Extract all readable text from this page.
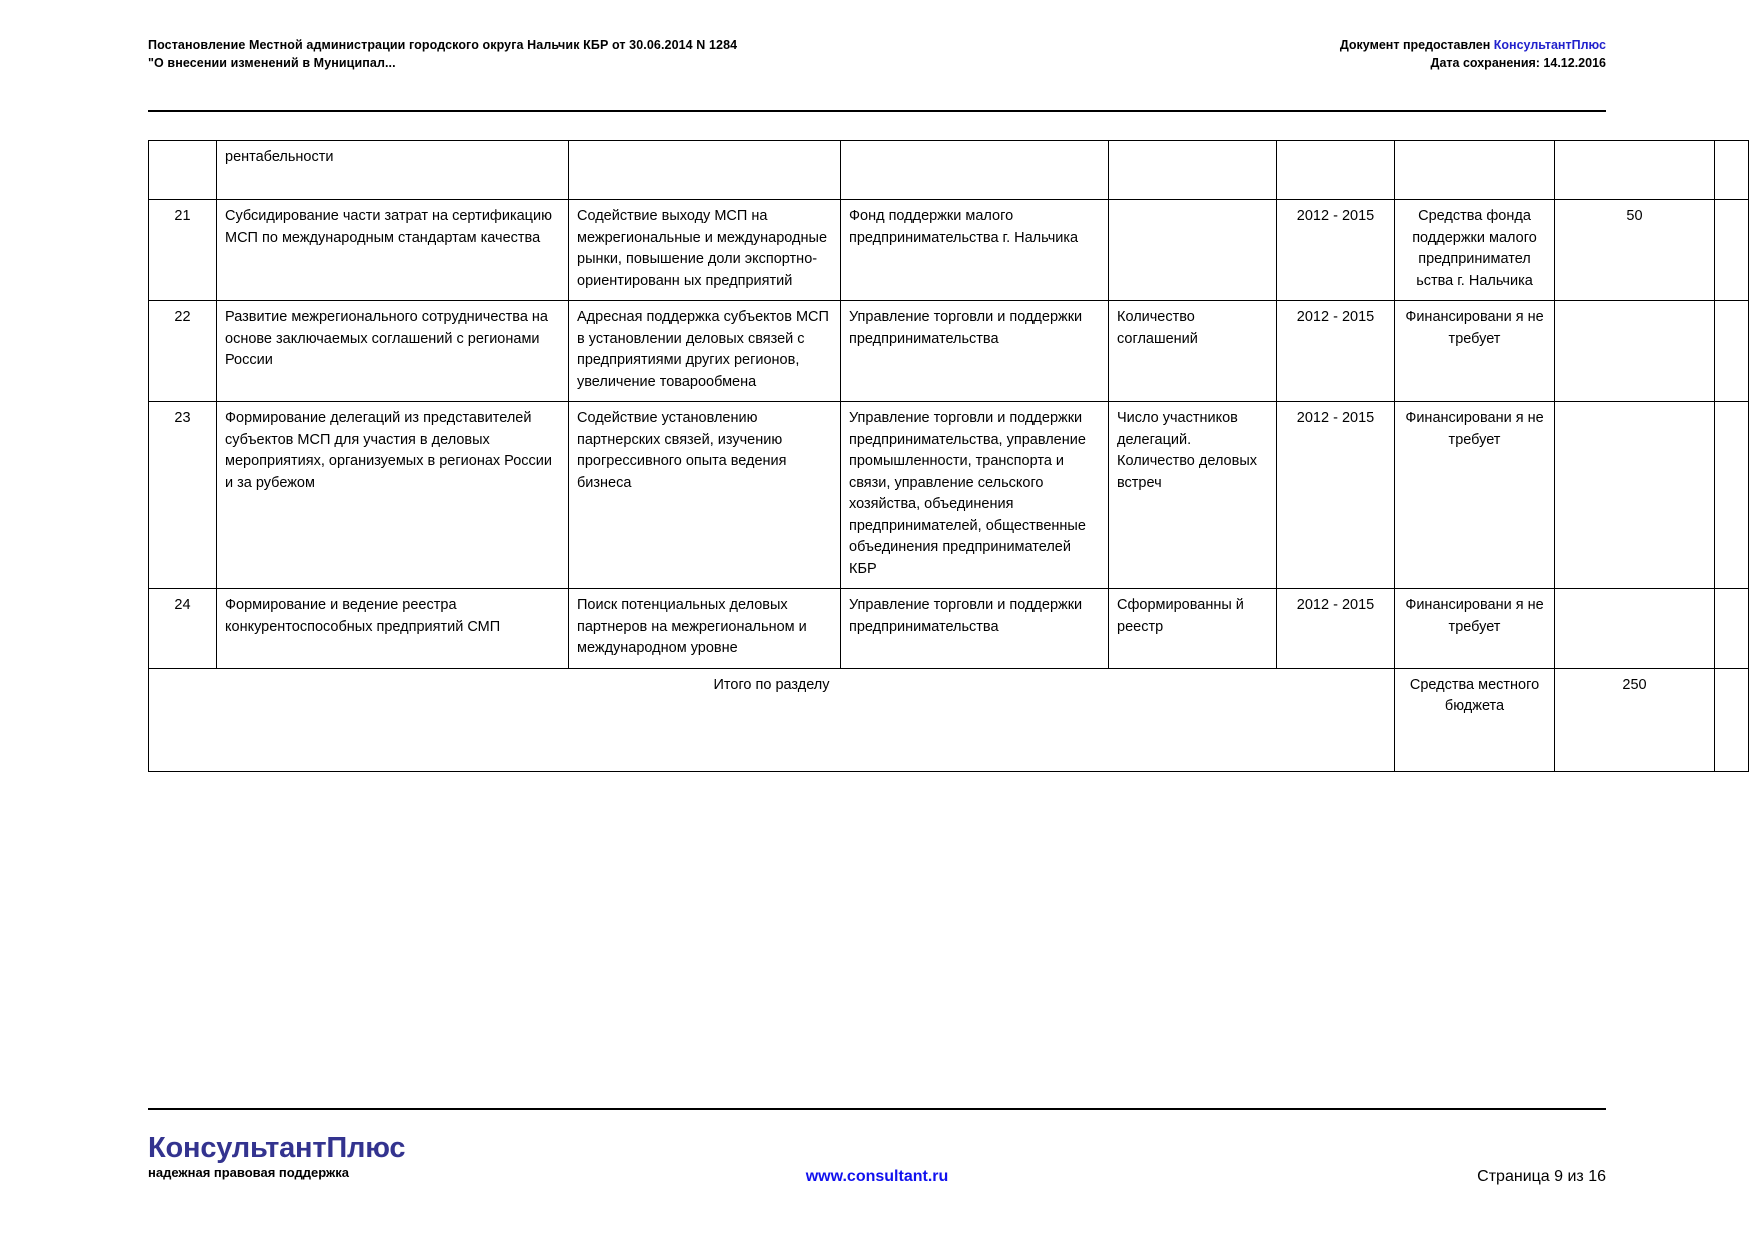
Постановление Местной администрации городского округа Нальчик КБР от 30.06.2014 N 1284
"О внесении изменений в Муниципал...
Документ предоставлен КонсультантПлюс
Дата сохранения: 14.12.2016
	рентабельности							
21	Субсидирование части затрат на сертификацию МСП по международным стандартам качества	Содействие выходу МСП на межрегиональные и международные рынки, повышение доли экспортно-ориентированн ых предприятий	Фонд поддержки малого предпринимательства г. Нальчика		2012 - 2015	Средства фонда поддержки малого предпринимател ьства г. Нальчика	50	
22	Развитие межрегионального сотрудничества на основе заключаемых соглашений с регионами России	Адресная поддержка субъектов МСП в установлении деловых связей с предприятиями других регионов, увеличение товарообмена	Управление торговли и поддержки предпринимательства	Количество соглашений	2012 - 2015	Финансировани я не требует		
23	Формирование делегаций из представителей субъектов МСП для участия в деловых мероприятиях, организуемых в регионах России и за рубежом	Содействие установлению партнерских связей, изучению прогрессивного опыта ведения бизнеса	Управление торговли и поддержки предпринимательства, управление промышленности, транспорта и связи, управление сельского хозяйства, объединения предпринимателей, общественные объединения предпринимателей КБР	Число участников делегаций. Количество деловых встреч	2012 - 2015	Финансировани я не требует		
24	Формирование и ведение реестра конкурентоспособных предприятий СМП	Поиск потенциальных деловых партнеров на межрегиональном и международном уровне	Управление торговли и поддержки предпринимательства	Сформированны й реестр	2012 - 2015	Финансировани я не требует		
Итого по разделу						Средства местного бюджета	250	
КонсультантПлюс
надежная правовая поддержка	www.consultant.ru	Страница 9 из 16
